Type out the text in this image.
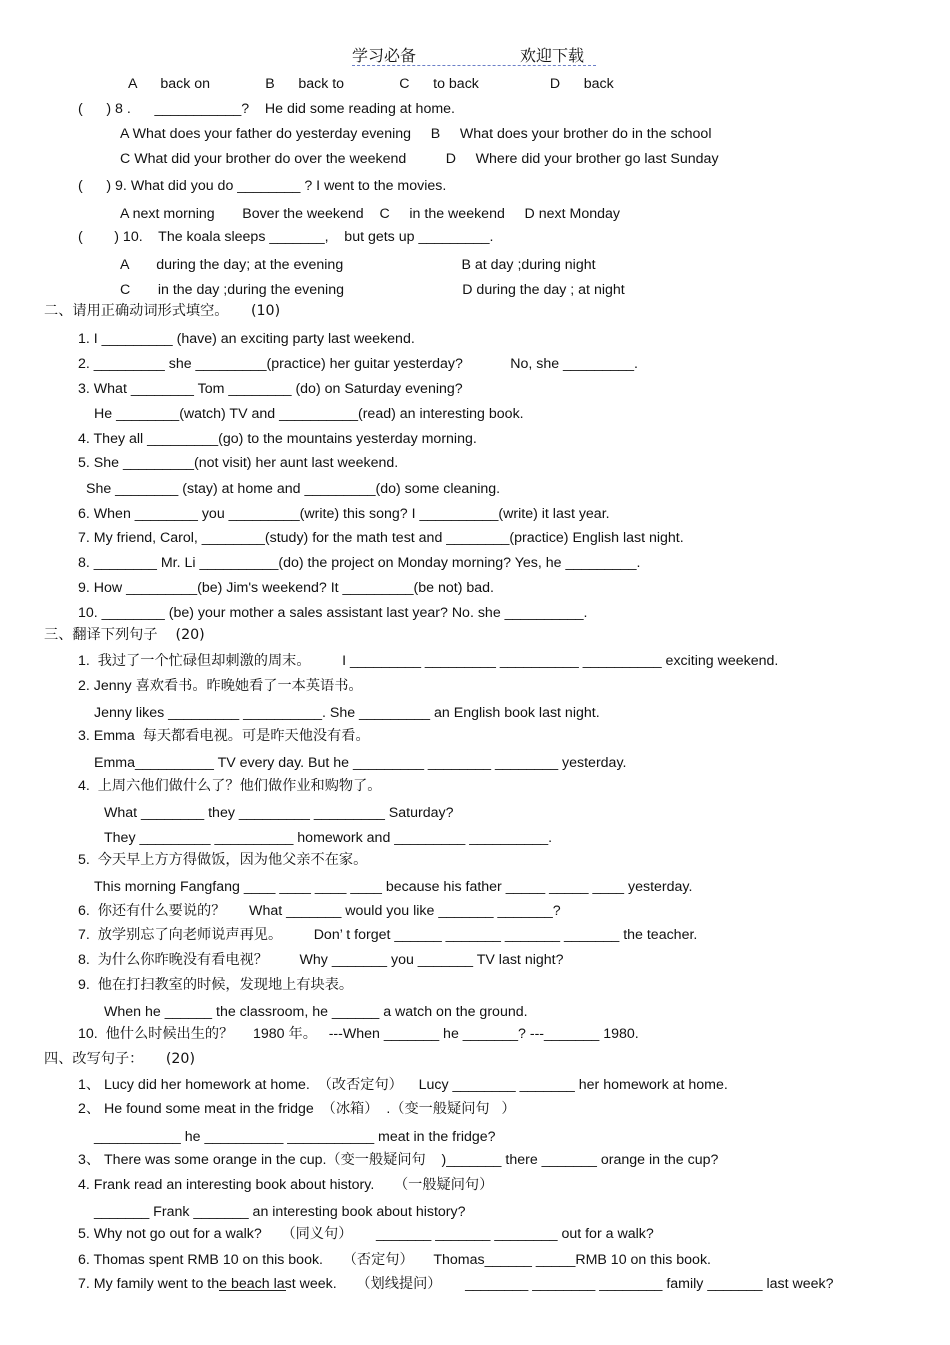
学习必备	欢迎下载
A      back on              B      back to              C      to back                  D      back
(      ) 8 .      ___________?    He did some reading at home.
A What does your father do yesterday evening     B     What does your brother do in the school
C What did your brother do over the weekend          D     Where did your brother go last Sunday
(      ) 9. What did you do ________ ? I went to the movies.
A next morning       Bover the weekend    C     in the weekend     D next Monday
(        ) 10.    The koala sleeps _______,    but gets up _________.
A       during the day; at the evening                              B at day ;during night
C       in the day ;during the evening                              D during the day ; at night
1. I _________ (have) an exciting party last weekend.
2. _________ she _________(practice) her guitar yesterday?            No, she _________.
3. What ________ Tom ________ (do) on Saturday evening?
He ________(watch) TV and __________(read) an interesting book.
4. They all _________(go) to the mountains yesterday morning.
5. She _________(not visit) her aunt last weekend.
She ________ (stay) at home and _________(do) some cleaning.
6. When ________ you _________(write) this song? I __________(write) it last year.
7. My friend, Carol, ________(study) for the math test and ________(practice) English last night.
8. ________ Mr. Li __________(do) the project on Monday morning? Yes, he _________.
9. How _________(be) Jim's weekend? It _________(be not) bad.
10. ________ (be) your mother a sales assistant last year? No. she __________.
1.  我过了一个忙碌但却刺激的周末。        I _________ _________ __________ __________ exciting weekend.
2. Jenny 喜欢看书。昨晚她看了一本英语书。
Jenny likes _________ __________. She _________ an English book last night.
3. Emma  每天都看电视。可是昨天他没有看。
Emma__________ TV every day. But he _________ ________ ________ yesterday.
4.  上周六他们做什么了？他们做作业和购物了。
What ________ they _________ _________ Saturday?
They _________ __________ homework and _________ __________.
5.  今天早上方方得做饭，因为他父亲不在家。
This morning Fangfang ____ ____ ____ ____ because his father _____ _____ ____ yesterday.
6.  你还有什么要说的？      What _______ would you like _______ _______?
7.  放学别忘了向老师说声再见。        Don’ t forget ______ _______ _______ _______ the teacher.
8.  为什么你昨晚没有看电视？        Why _______ you _______ TV last night?
9.  他在打扫教室的时候，发现地上有块表。
When he ______ the classroom, he ______ a watch on the ground.
10.  他什么时候出生的？     1980 年。   ---When _______ he _______? ---_______ 1980.
1、 Lucy did her homework at home.  （改否定句）    Lucy ________ _______ her homework at home.
2、 He found some meat in the fridge  （冰箱）  .（变一般疑问句   ）
___________ he __________ ___________ meat in the fridge?
3、 There was some orange in the cup.（变一般疑问句    )_______ there _______ orange in the cup?
4. Frank read an interesting book about history.     （一般疑问句）
_______ Frank _______ an interesting book about history?
5. Why not go out for a walk?     （同义句）      _______ _______ ________ out for a walk?
6. Thomas spent RMB 10 on this book.     （否定句）     Thomas______ _____RMB 10 on this book.
7. My family went to the beach last week.     （划线提问）      ________ ________ ________ family _______ last week?
二、请用正确动词形式填空。     (10)
三、翻译下列句子    (20)
四、改写句子：     (20)
